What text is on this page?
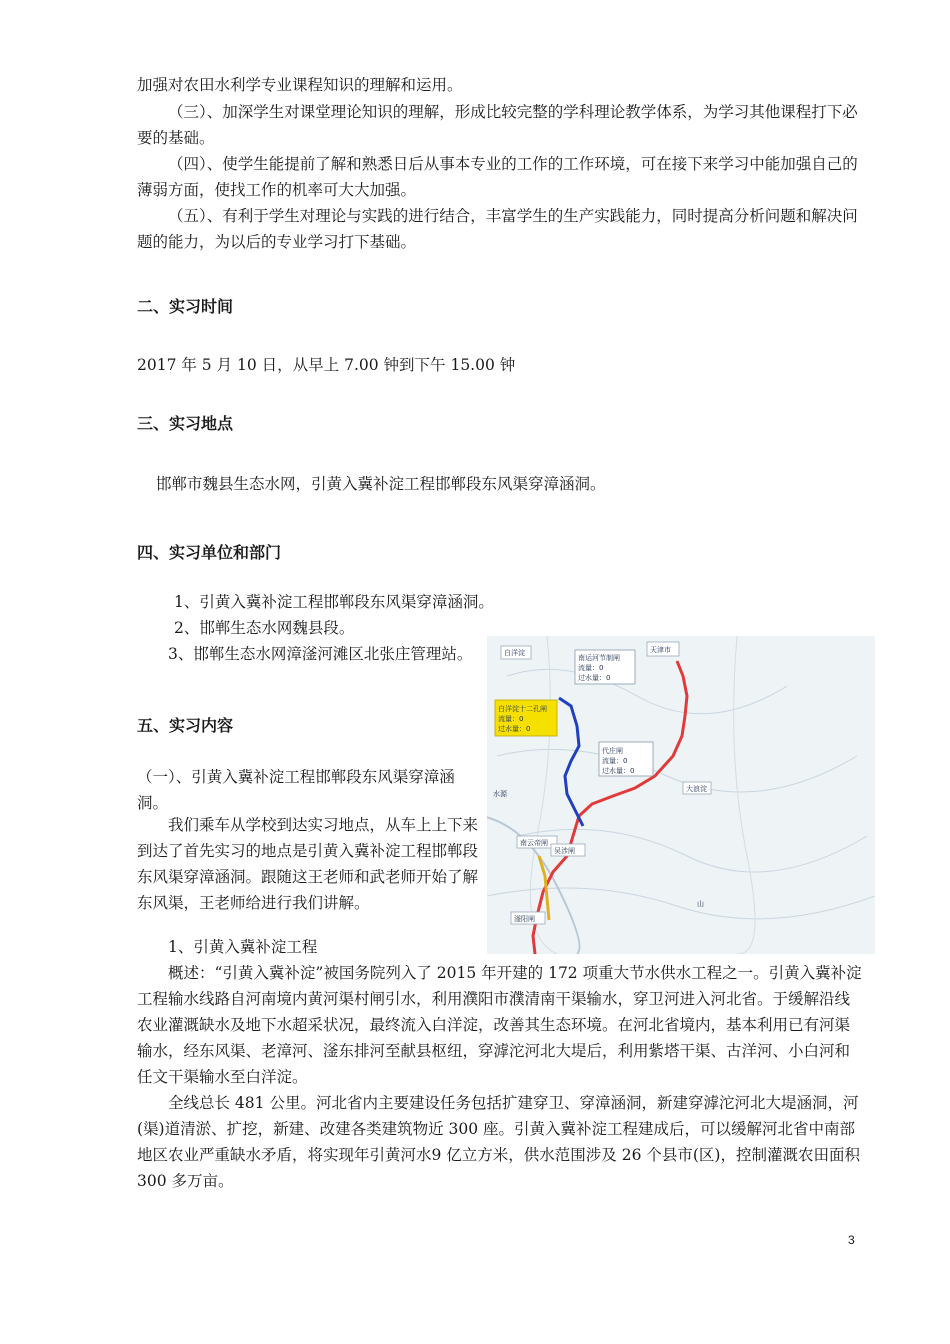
加强对农田水利学专业课程知识的理解和运用。

（三）、加深学生对课堂理论知识的理解，形成比较完整的学科理论教学体系，为学习其他课程打下必要的基础。

（四）、使学生能提前了解和熟悉日后从事本专业的工作的工作环境，可在接下来学习中能加强自己的薄弱方面，使找工作的机率可大大加强。

（五）、有利于学生对理论与实践的进行结合，丰富学生的生产实践能力，同时提高分析问题和解决问题的能力，为以后的专业学习打下基础。

二、实习时间

2017 年 5 月 10 日，从早上 7.00 钟到下午 15.00 钟

三、实习地点

邯郸市魏县生态水网，引黄入冀补淀工程邯郸段东风渠穿漳涵洞。

四、实习单位和部门

1、引黄入冀补淀工程邯郸段东风渠穿漳涵洞。

2、邯郸生态水网魏县段。

3、邯郸生态水网漳滏河滩区北张庄管理站。

五、实习内容

（一）、引黄入冀补淀工程邯郸段东风渠穿漳涵洞。

我们乘车从学校到达实习地点，从车上上下来到达了首先实习的地点是引黄入冀补淀工程邯郸段东风渠穿漳涵洞。跟随这王老师和武老师开始了解东风渠，王老师给进行我们讲解。

1、引黄入冀补淀工程

概述：“引黄入冀补淀”被国务院列入了 2015 年开建的 172 项重大节水供水工程之一。引黄入冀补淀工程输水线路自河南境内黄河渠村闸引水，利用濮阳市濮清南干渠输水，穿卫河进入河北省。于缓解沿线农业灌溉缺水及地下水超采状况，最终流入白洋淀，改善其生态环境。在河北省境内，基本利用已有河渠输水，经东风渠、老漳河、滏东排河至献县枢纽，穿滹沱河北大堤后，利用紫塔干渠、古洋河、小白河和任文干渠输水至白洋淀。

全线总长 481 公里。河北省内主要建设任务包括扩建穿卫、穿漳涵洞，新建穿滹沱河北大堤涵洞，河(渠)道清淤、扩挖，新建、改建各类建筑物近 300 座。引黄入冀补淀工程建成后，可以缓解河北省中南部地区农业严重缺水矛盾，将实现年引黄河水9 亿立方米，供水范围涉及 26 个县市(区)，控制灌溉农田面积 300 多万亩。

天津市
白洋淀
南运河节制闸
流量：0
过水量：0
白洋淀十二孔闸
流量：0
过水量：0
代庄闸
流量：0
过水量：0
大浪淀
南云帝闸
吴涉闸
滏阳闸
水源
山
3
